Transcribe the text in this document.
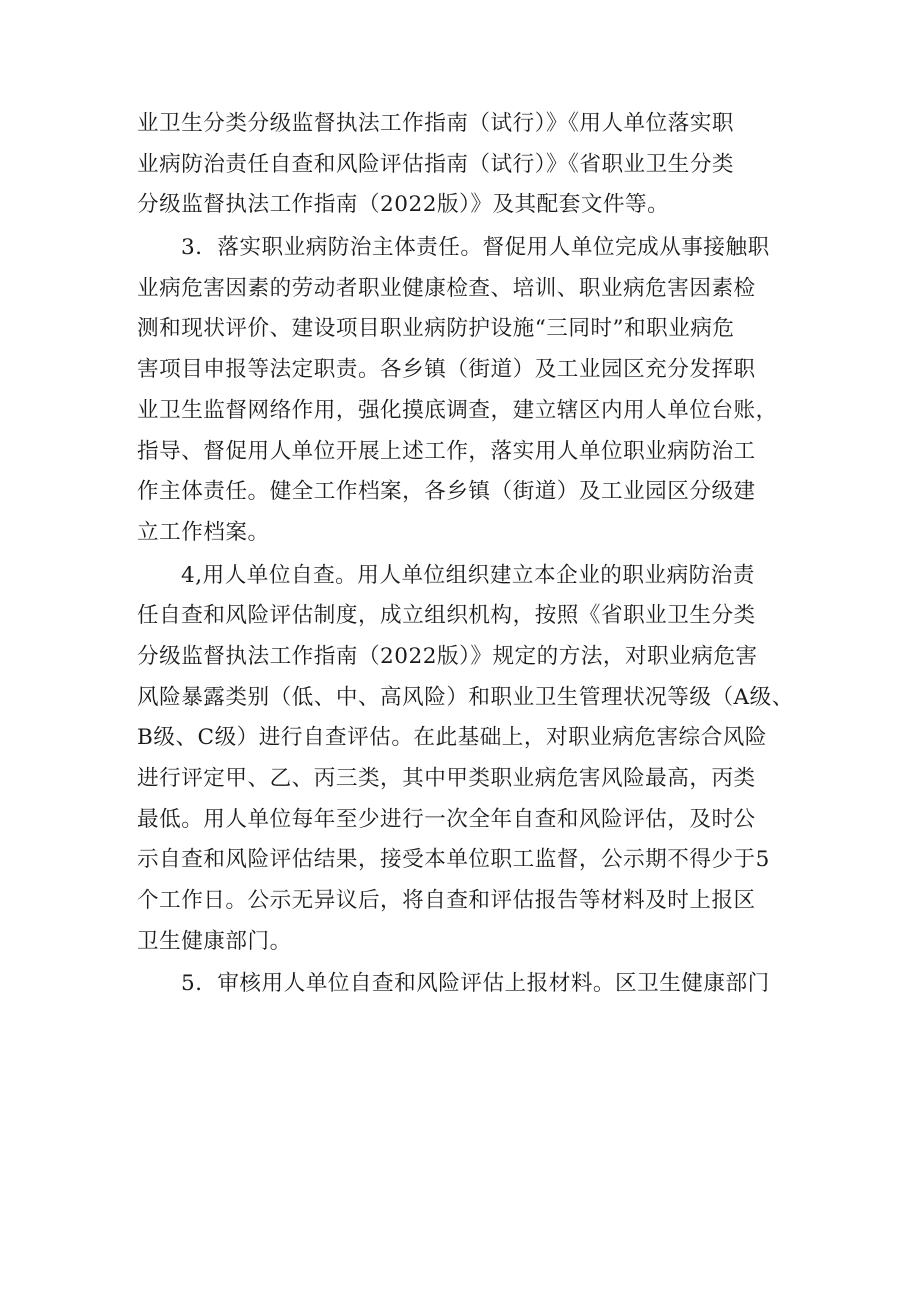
业卫生分类分级监督执法工作指南（试行）》《用人单位落实职
业病防治责任自查和风险评估指南（试行）》《省职业卫生分类
分级监督执法工作指南（2022版）》及其配套文件等。
3．落实职业病防治主体责任。督促用人单位完成从事接触职
业病危害因素的劳动者职业健康检查、培训、职业病危害因素检
测和现状评价、建设项目职业病防护设施“三同时”和职业病危
害项目申报等法定职责。各乡镇（街道）及工业园区充分发挥职
业卫生监督网络作用，强化摸底调查，建立辖区内用人单位台账，
指导、督促用人单位开展上述工作，落实用人单位职业病防治工
作主体责任。健全工作档案，各乡镇（街道）及工业园区分级建
立工作档案。
4,用人单位自查。用人单位组织建立本企业的职业病防治责
任自查和风险评估制度，成立组织机构，按照《省职业卫生分类
分级监督执法工作指南（2022版）》规定的方法，对职业病危害
风险暴露类别（低、中、高风险）和职业卫生管理状况等级（A级、
B级、C级）进行自查评估。在此基础上，对职业病危害综合风险
进行评定甲、乙、丙三类，其中甲类职业病危害风险最高，丙类
最低。用人单位每年至少进行一次全年自查和风险评估，及时公
示自查和风险评估结果，接受本单位职工监督，公示期不得少于5
个工作日。公示无异议后，将自查和评估报告等材料及时上报区
卫生健康部门。
5．审核用人单位自查和风险评估上报材料。区卫生健康部门
